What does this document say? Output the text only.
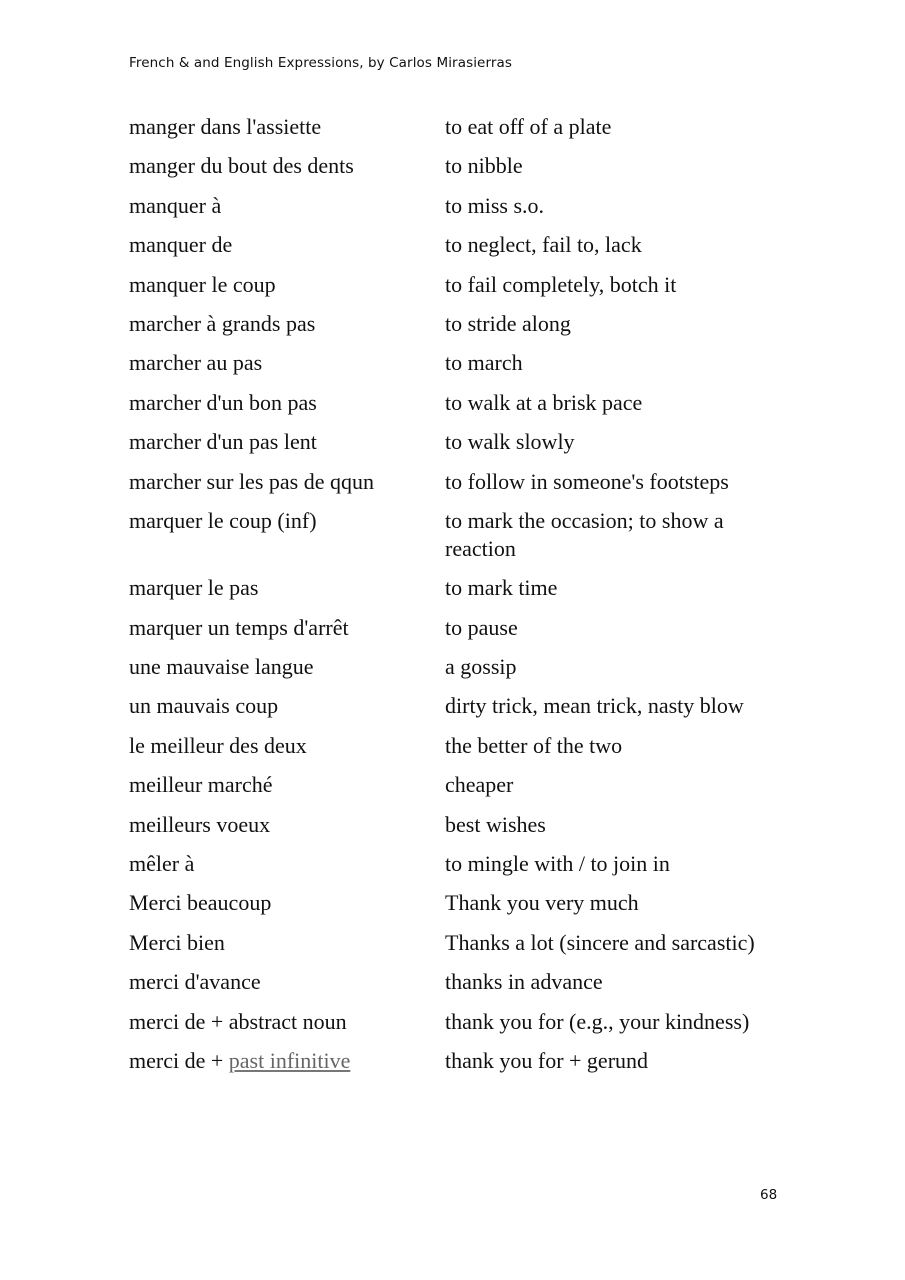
French & and English Expressions, by Carlos Mirasierras
manger dans l'assiette	to eat off of a plate
manger du bout des dents	to nibble
manquer à	to miss s.o.
manquer de	to neglect, fail to, lack
manquer le coup	to fail completely, botch it
marcher à grands pas	to stride along
marcher au pas	to march
marcher d'un bon pas	to walk at a brisk pace
marcher d'un pas lent	to walk slowly
marcher sur les pas de qqun	to follow in someone's footsteps
marquer le coup (inf)	to mark the occasion; to show a reaction
marquer le pas	to mark time
marquer un temps d'arrêt	to pause
une mauvaise langue	a gossip
un mauvais coup	dirty trick, mean trick, nasty blow
le meilleur des deux	the better of the two
meilleur marché	cheaper
meilleurs voeux	best wishes
mêler à	to mingle with / to join in
Merci beaucoup	Thank you very much
Merci bien	Thanks a lot (sincere and sarcastic)
merci d'avance	thanks in advance
merci de + abstract noun	thank you for (e.g., your kindness)
merci de + past infinitive	thank you for + gerund
68
